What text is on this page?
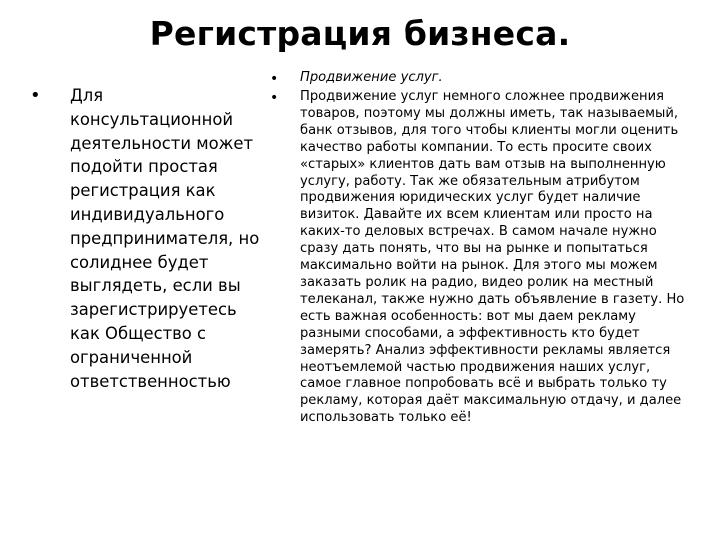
Регистрация бизнеса.
•	Для консультационной деятельности может подойти простая регистрация как индивидуального предпринимателя, но солиднее будет выглядеть, если вы зарегистрируетесь как Общество с ограниченной ответственностью
•	Продвижение услуг.
•	Продвижение услуг немного сложнее продвижения товаров, поэтому мы должны иметь, так называемый, банк отзывов, для того чтобы клиенты могли оценить качество работы компании. То есть просите своих «старых» клиентов дать вам отзыв на выполненную услугу, работу. Так же обязательным атрибутом продвижения юридических услуг будет наличие визиток. Давайте их всем клиентам или просто на каких-то деловых встречах. В самом начале нужно сразу дать понять, что вы на рынке и попытаться максимально войти на рынок. Для этого мы можем заказать ролик на радио, видео ролик на местный телеканал, также нужно дать объявление в газету. Но есть важная особенность: вот мы даем рекламу разными способами, а эффективность кто будет замерять? Анализ эффективности рекламы является неотъемлемой частью продвижения наших услуг, самое главное попробовать всё и выбрать только ту рекламу, которая даёт максимальную отдачу, и далее использовать только её!
